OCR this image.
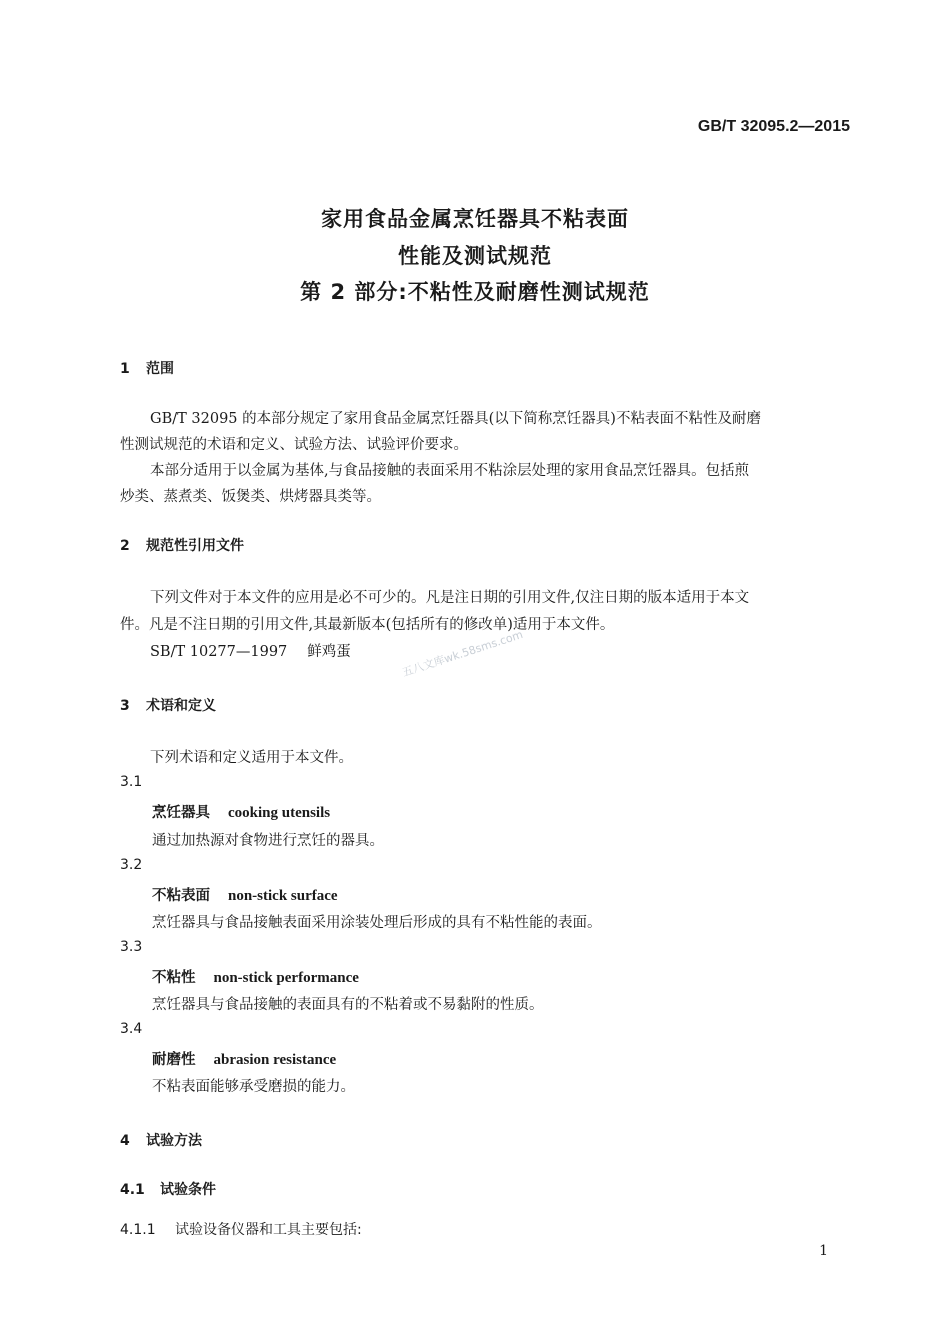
GB/T 32095.2—2015
家用食品金属烹饪器具不粘表面
性能及测试规范
第 2 部分:不粘性及耐磨性测试规范
1 范围
GB/T 32095 的本部分规定了家用食品金属烹饪器具(以下简称烹饪器具)不粘表面不粘性及耐磨
性测试规范的术语和定义、试验方法、试验评价要求。
本部分适用于以金属为基体,与食品接触的表面采用不粘涂层处理的家用食品烹饪器具。包括煎
炒类、蒸煮类、饭煲类、烘烤器具类等。
2 规范性引用文件
下列文件对于本文件的应用是必不可少的。凡是注日期的引用文件,仅注日期的版本适用于本文
件。凡是不注日期的引用文件,其最新版本(包括所有的修改单)适用于本文件。
SB/T 10277—1997 鲜鸡蛋	五八文库wk.58sms.com
3 术语和定义
下列术语和定义适用于本文件。
3.1
烹饪器具 cooking utensils
通过加热源对食物进行烹饪的器具。
3.2
不粘表面 non-stick surface
烹饪器具与食品接触表面采用涂装处理后形成的具有不粘性能的表面。
3.3
不粘性 non-stick performance
烹饪器具与食品接触的表面具有的不粘着或不易黏附的性质。
3.4
耐磨性 abrasion resistance
不粘表面能够承受磨损的能力。
4 试验方法
4.1 试验条件
4.1.1 试验设备仪器和工具主要包括:
1
